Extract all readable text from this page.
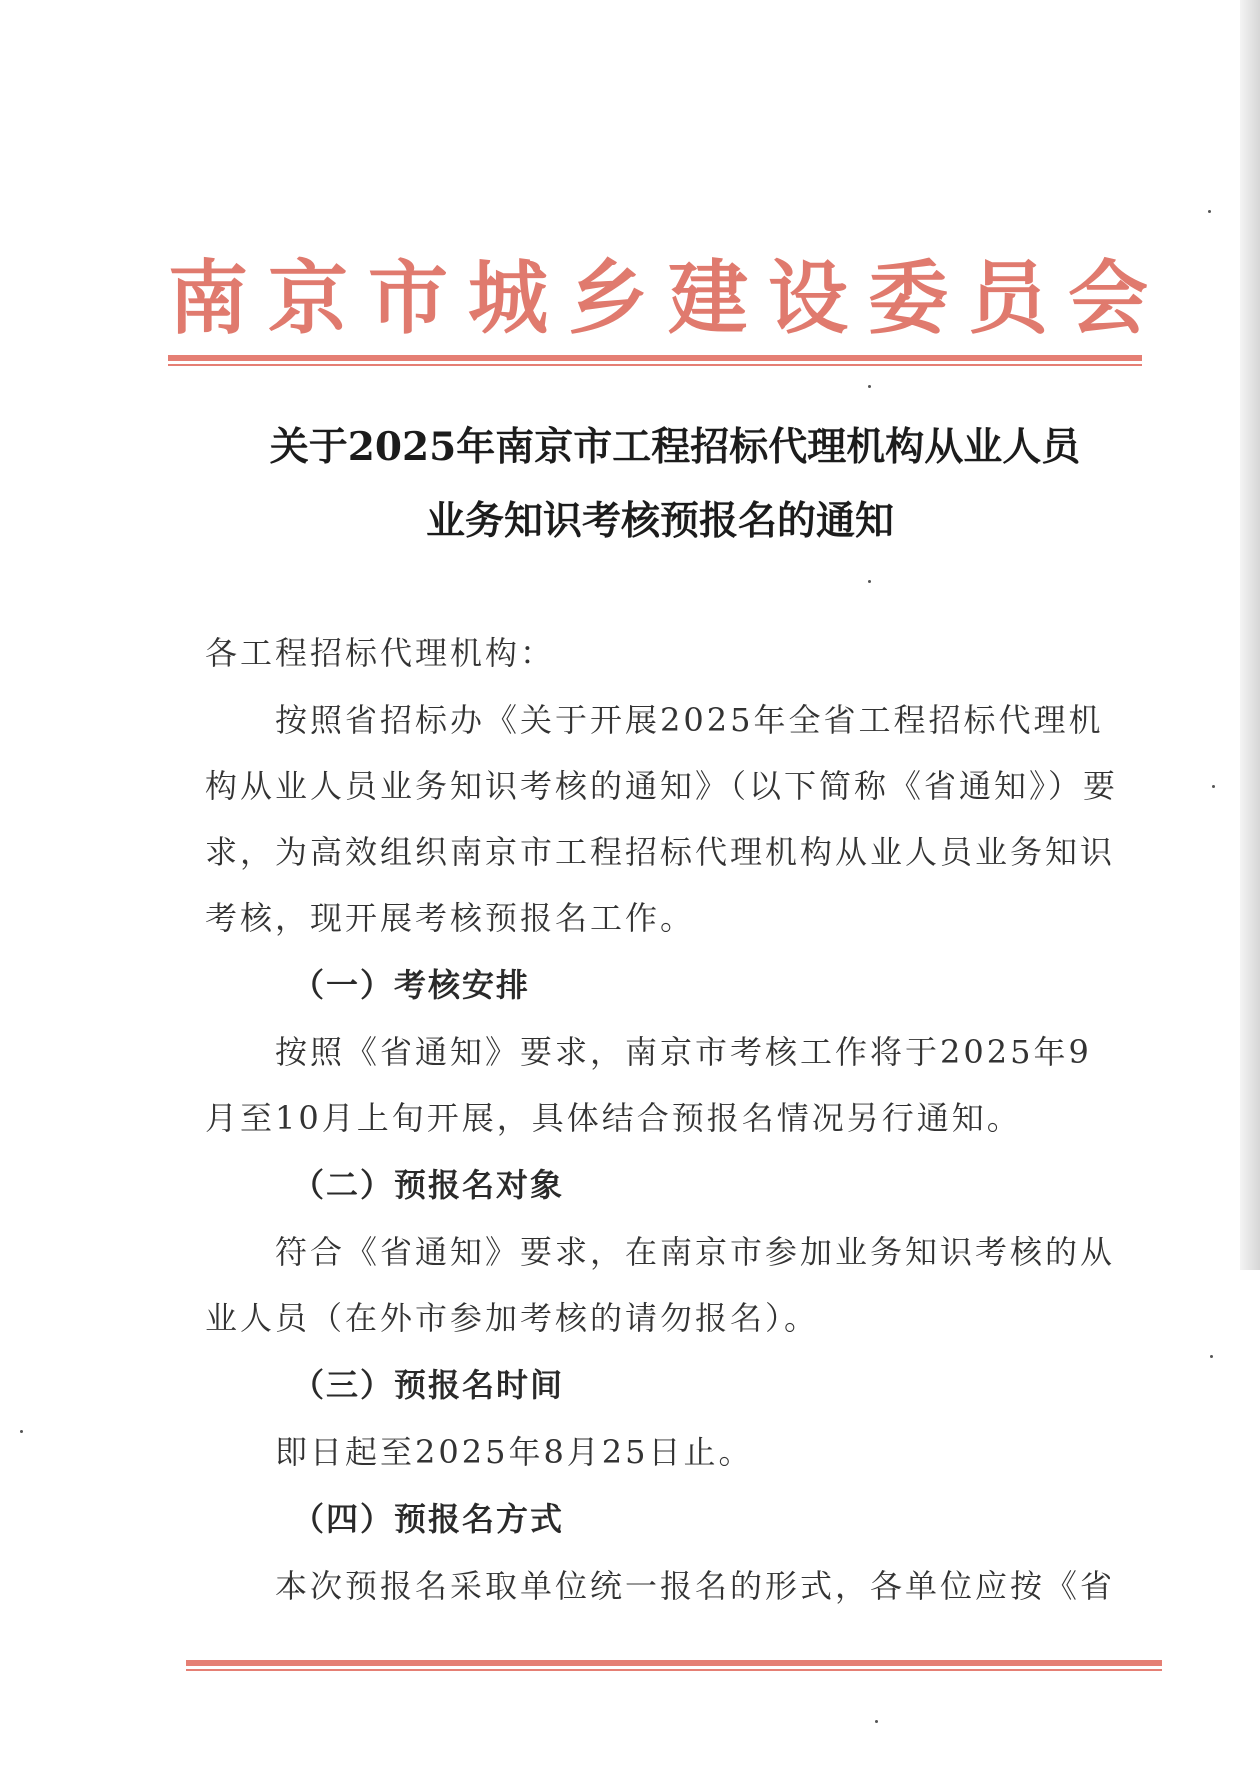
南 京 市 城 乡 建 设 委 员 会
关于2025年南京市工程招标代理机构从业人员
业务知识考核预报名的通知
各工程招标代理机构：
　　按照省招标办《关于开展2025年全省工程招标代理机
构从业人员业务知识考核的通知》（以下简称《省通知》）要
求，为高效组织南京市工程招标代理机构从业人员业务知识
考核，现开展考核预报名工作。
（一）考核安排
　　按照《省通知》要求，南京市考核工作将于2025年9
月至10月上旬开展，具体结合预报名情况另行通知。
（二）预报名对象
　　符合《省通知》要求，在南京市参加业务知识考核的从
业人员（在外市参加考核的请勿报名）。
（三）预报名时间
　　即日起至2025年8月25日止。
（四）预报名方式
　　本次预报名采取单位统一报名的形式，各单位应按《省
